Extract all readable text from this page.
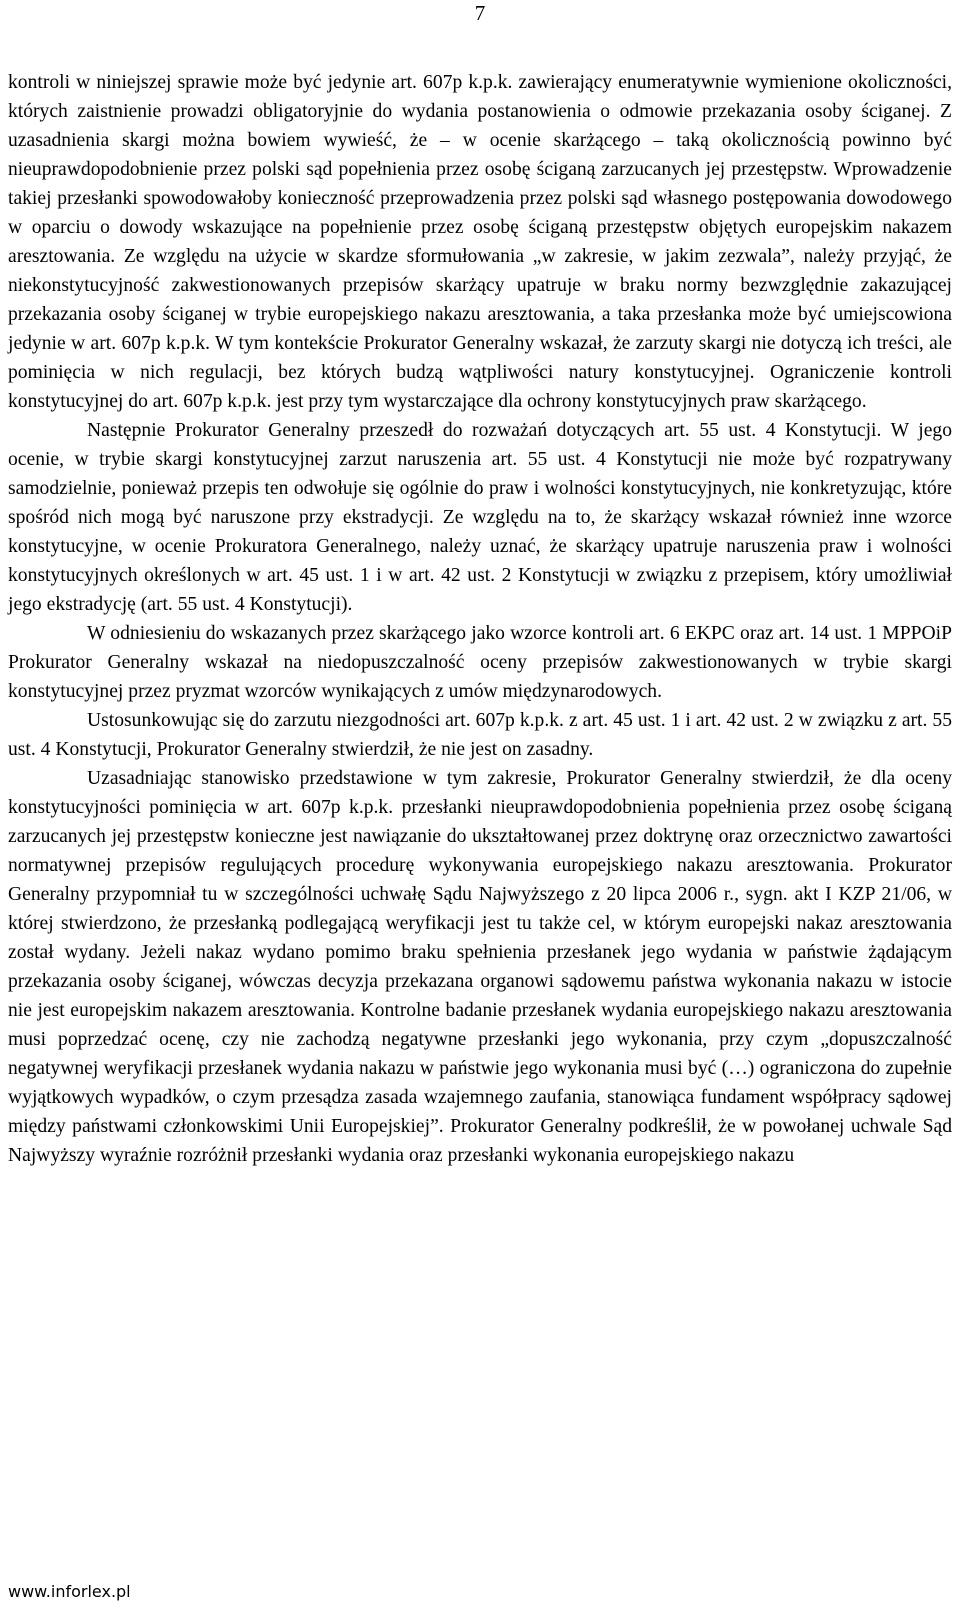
7

kontroli w niniejszej sprawie może być jedynie art. 607p k.p.k. zawierający enumeratywnie wymienione okoliczności, których zaistnienie prowadzi obligatoryjnie do wydania postanowienia o odmowie przekazania osoby ściganej. Z uzasadnienia skargi można bowiem wywieść, że – w ocenie skarżącego – taką okolicznością powinno być nieuprawdopodobnienie przez polski sąd popełnienia przez osobę ściganą zarzucanych jej przestępstw. Wprowadzenie takiej przesłanki spowodowałoby konieczność przeprowadzenia przez polski sąd własnego postępowania dowodowego w oparciu o dowody wskazujące na popełnienie przez osobę ściganą przestępstw objętych europejskim nakazem aresztowania. Ze względu na użycie w skardze sformułowania „w zakresie, w jakim zezwala”, należy przyjąć, że niekonstytucyjność zakwestionowanych przepisów skarżący upatruje w braku normy bezwzględnie zakazującej przekazania osoby ściganej w trybie europejskiego nakazu aresztowania, a taka przesłanka może być umiejscowiona jedynie w art. 607p k.p.k. W tym kontekście Prokurator Generalny wskazał, że zarzuty skargi nie dotyczą ich treści, ale pominięcia w nich regulacji, bez których budzą wątpliwości natury konstytucyjnej. Ograniczenie kontroli konstytucyjnej do art. 607p k.p.k. jest przy tym wystarczające dla ochrony konstytucyjnych praw skarżącego.

Następnie Prokurator Generalny przeszedł do rozważań dotyczących art. 55 ust. 4 Konstytucji. W jego ocenie, w trybie skargi konstytucyjnej zarzut naruszenia art. 55 ust. 4 Konstytucji nie może być rozpatrywany samodzielnie, ponieważ przepis ten odwołuje się ogólnie do praw i wolności konstytucyjnych, nie konkretyzując, które spośród nich mogą być naruszone przy ekstradycji. Ze względu na to, że skarżący wskazał również inne wzorce konstytucyjne, w ocenie Prokuratora Generalnego, należy uznać, że skarżący upatruje naruszenia praw i wolności konstytucyjnych określonych w art. 45 ust. 1 i w art. 42 ust. 2 Konstytucji w związku z przepisem, który umożliwiał jego ekstradycję (art. 55 ust. 4 Konstytucji).

W odniesieniu do wskazanych przez skarżącego jako wzorce kontroli art. 6 EKPC oraz art. 14 ust. 1 MPPOiP Prokurator Generalny wskazał na niedopuszczalność oceny przepisów zakwestionowanych w trybie skargi konstytucyjnej przez pryzmat wzorców wynikających z umów międzynarodowych.

Ustosunkowując się do zarzutu niezgodności art. 607p k.p.k. z art. 45 ust. 1 i art. 42 ust. 2 w związku z art. 55 ust. 4 Konstytucji, Prokurator Generalny stwierdził, że nie jest on zasadny.

Uzasadniając stanowisko przedstawione w tym zakresie, Prokurator Generalny stwierdził, że dla oceny konstytucyjności pominięcia w art. 607p k.p.k. przesłanki nieuprawdopodobnienia popełnienia przez osobę ściganą zarzucanych jej przestępstw konieczne jest nawiązanie do ukształtowanej przez doktrynę oraz orzecznictwo zawartości normatywnej przepisów regulujących procedurę wykonywania europejskiego nakazu aresztowania. Prokurator Generalny przypomniał tu w szczególności uchwałę Sądu Najwyższego z 20 lipca 2006 r., sygn. akt I KZP 21/06, w której stwierdzono, że przesłanką podlegającą weryfikacji jest tu także cel, w którym europejski nakaz aresztowania został wydany. Jeżeli nakaz wydano pomimo braku spełnienia przesłanek jego wydania w państwie żądającym przekazania osoby ściganej, wówczas decyzja przekazana organowi sądowemu państwa wykonania nakazu w istocie nie jest europejskim nakazem aresztowania. Kontrolne badanie przesłanek wydania europejskiego nakazu aresztowania musi poprzedzać ocenę, czy nie zachodzą negatywne przesłanki jego wykonania, przy czym „dopuszczalność negatywnej weryfikacji przesłanek wydania nakazu w państwie jego wykonania musi być (…) ograniczona do zupełnie wyjątkowych wypadków, o czym przesądza zasada wzajemnego zaufania, stanowiąca fundament współpracy sądowej między państwami członkowskimi Unii Europejskiej”. Prokurator Generalny podkreślił, że w powołanej uchwale Sąd Najwyższy wyraźnie rozróżnił przesłanki wydania oraz przesłanki wykonania europejskiego nakazu

www.inforlex.pl
